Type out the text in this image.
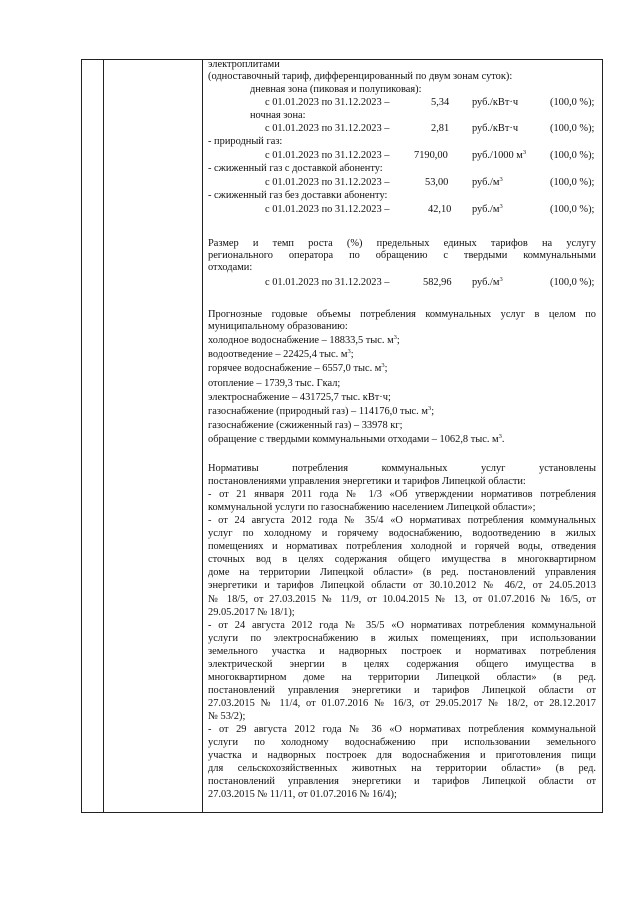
электроплитами
(одноставочный тариф, дифференцированный по двум зонам суток):
дневная зона (пиковая и полупиковая):
с 01.01.2023 по 31.12.2023 –	5,34 руб./кВт·ч	(100,0 %);
ночная зона:
с 01.01.2023 по 31.12.2023 –	2,81 руб./кВт·ч	(100,0 %);
- природный газ:
с 01.01.2023 по 31.12.2023 – 7190,00 руб./1000 $м^3$ (100,0 %);
- сжиженный газ с доставкой абоненту:
с 01.01.2023 по 31.12.2023 –	53,00 $руб./м^3$	(100,0 %);
- сжиженный газ без доставки абоненту:
с 01.01.2023 по 31.12.2023 –	42,10 $руб./м^3$	(100,0 %);
Размер и темп роста (%) предельных единых тарифов на услугу
регионального оператора по обращению с твердыми коммунальными
отходами:
с 01.01.2023 по 31.12.2023 –	582,96 $руб./м^3$	(100,0 %);
Прогнозные годовые объемы потребления коммунальных услуг в целом по
муниципальному образованию:
холодное водоснабжение – 18833,5 тыс. $м^3$;
водоотведение – 22425,4 тыс. $м^3$;
горячее водоснабжение – 6557,0 тыс. $м^3$;
отопление – 1739,3 тыс. Гкал;
электроснабжение – 431725,7 тыс. кВт·ч;
газоснабжение (природный газ) – 114176,0 тыс. $м^3$;
газоснабжение (сжиженный газ) – 33978 кг;
обращение с твердыми коммунальными отходами – 1062,8 тыс. $м^3$.
Нормативы потребления коммунальных услуг установлены
постановлениями управления энергетики и тарифов Липецкой области:
- от 21 января 2011 года № 1/3 «Об утверждении нормативов потребления
коммунальной услуги по газоснабжению населением Липецкой области»;
- от 24 августа 2012 года № 35/4 «О нормативах потребления коммунальных
услуг по холодному и горячему водоснабжению, водоотведению в жилых
помещениях и нормативах потребления холодной и горячей воды, отведения
сточных вод в целях содержания общего имущества в многоквартирном
доме на территории Липецкой области» (в ред. постановлений управления
энергетики и тарифов Липецкой области от 30.10.2012 № 46/2, от 24.05.2013
№ 18/5, от 27.03.2015 № 11/9, от 10.04.2015 № 13, от 01.07.2016 № 16/5, от
29.05.2017 № 18/1);
- от 24 августа 2012 года № 35/5 «О нормативах потребления коммунальной
услуги по электроснабжению в жилых помещениях, при использовании
земельного участка и надворных построек и нормативах потребления
электрической энергии в целях содержания общего имущества в
многоквартирном доме на территории Липецкой области» (в ред.
постановлений управления энергетики и тарифов Липецкой области от
27.03.2015 № 11/4, от 01.07.2016 № 16/3, от 29.05.2017 № 18/2, от 28.12.2017
№ 53/2);
- от 29 августа 2012 года № 36 «О нормативах потребления коммунальной
услуги по холодному водоснабжению при использовании земельного
участка и надворных построек для водоснабжения и приготовления пищи
для сельскохозяйственных животных на территории области» (в ред.
постановлений управления энергетики и тарифов Липецкой области от
27.03.2015 № 11/11, от 01.07.2016 № 16/4);
